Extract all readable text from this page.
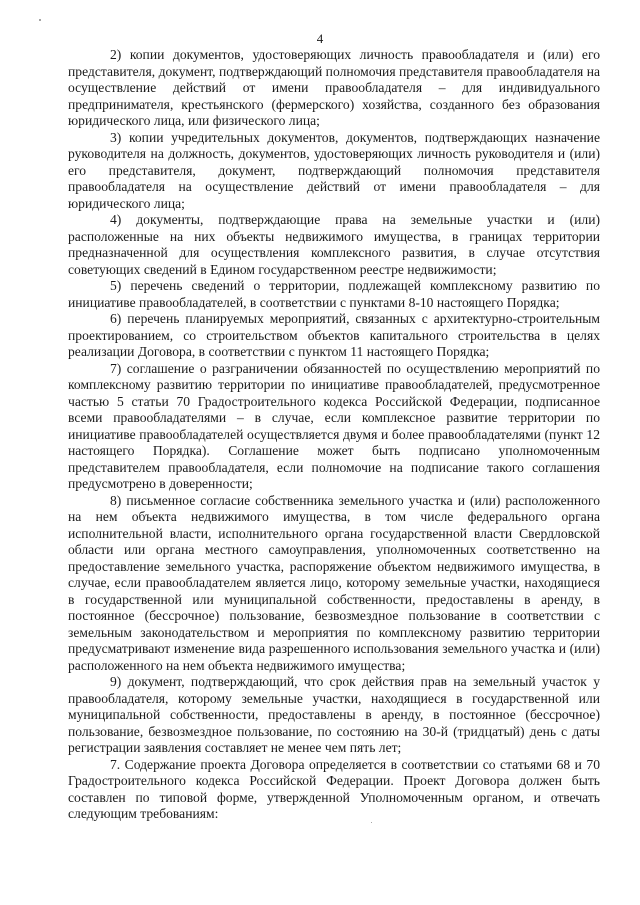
4

2) копии документов, удостоверяющих личность правообладателя и (или) его представителя, документ, подтверждающий полномочия представителя правообладателя на осуществление действий от имени правообладателя – для индивидуального предпринимателя, крестьянского (фермерского) хозяйства, созданного без образования юридического лица, или физического лица;

3) копии учредительных документов, документов, подтверждающих назначение руководителя на должность, документов, удостоверяющих личность руководителя и (или) его представителя, документ, подтверждающий полномочия представителя правообладателя на осуществление действий от имени правообладателя – для юридического лица;

4) документы, подтверждающие права на земельные участки и (или) расположенные на них объекты недвижимого имущества, в границах территории предназначенной для осуществления комплексного развития, в случае отсутствия советующих сведений в Едином государственном реестре недвижимости;

5) перечень сведений о территории, подлежащей комплексному развитию по инициативе правообладателей, в соответствии с пунктами 8-10 настоящего Порядка;

6) перечень планируемых мероприятий, связанных с архитектурно-строительным проектированием, со строительством объектов капитального строительства в целях реализации Договора, в соответствии с пунктом 11 настоящего Порядка;

7) соглашение о разграничении обязанностей по осуществлению мероприятий по комплексному развитию территории по инициативе правообладателей, предусмотренное частью 5 статьи 70 Градостроительного кодекса Российской Федерации, подписанное всеми правообладателями – в случае, если комплексное развитие территории по инициативе правообладателей осуществляется двумя и более правообладателями (пункт 12 настоящего Порядка). Соглашение может быть подписано уполномоченным представителем правообладателя, если полномочие на подписание такого соглашения предусмотрено в доверенности;

8) письменное согласие собственника земельного участка и (или) расположенного на нем объекта недвижимого имущества, в том числе федерального органа исполнительной власти, исполнительного органа государственной власти Свердловской области или органа местного самоуправления, уполномоченных соответственно на предоставление земельного участка, распоряжение объектом недвижимого имущества, в случае, если правообладателем является лицо, которому земельные участки, находящиеся в государственной или муниципальной собственности, предоставлены в аренду, в постоянное (бессрочное) пользование, безвозмездное пользование в соответствии с земельным законодательством и мероприятия по комплексному развитию территории предусматривают изменение вида разрешенного использования земельного участка и (или) расположенного на нем объекта недвижимого имущества;

9) документ, подтверждающий, что срок действия прав на земельный участок у правообладателя, которому земельные участки, находящиеся в государственной или муниципальной собственности, предоставлены в аренду, в постоянное (бессрочное) пользование, безвозмездное пользование, по состоянию на 30-й (тридцатый) день с даты регистрации заявления составляет не менее чем пять лет;

7. Содержание проекта Договора определяется в соответствии со статьями 68 и 70 Градостроительного кодекса Российской Федерации. Проект Договора должен быть составлен по типовой форме, утвержденной Уполномоченным органом, и отвечать следующим требованиям:
